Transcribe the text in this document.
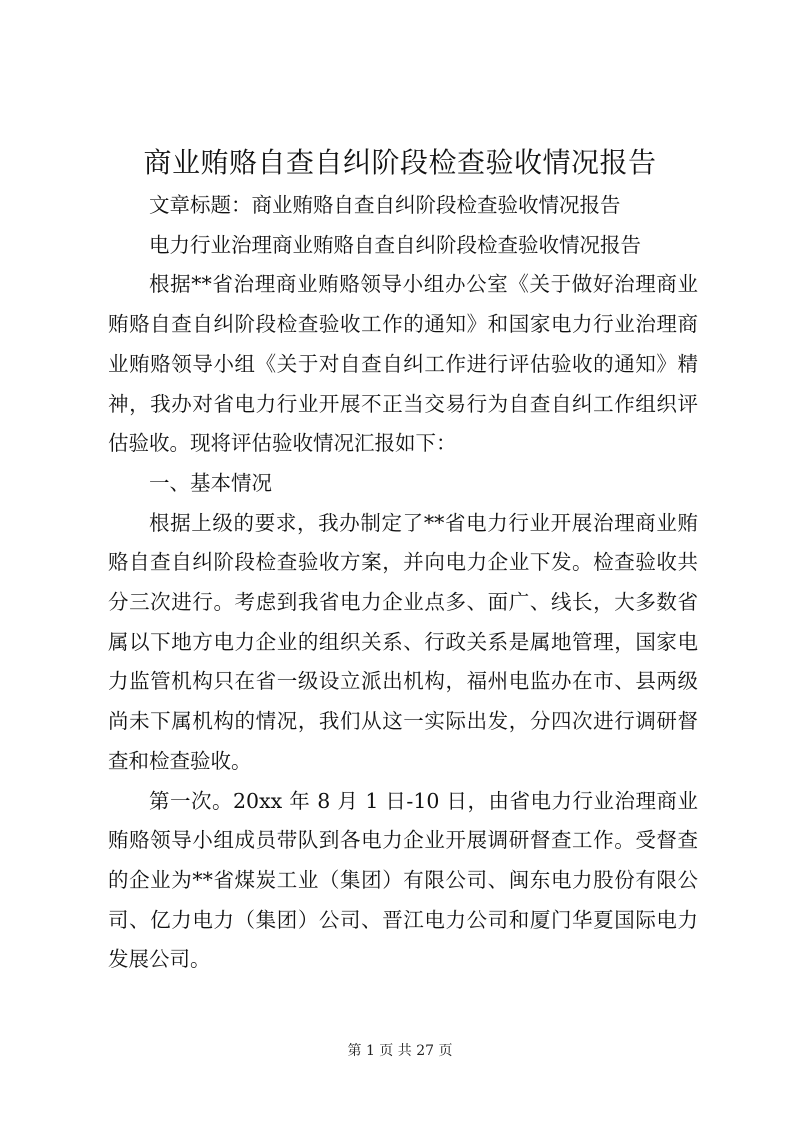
商业贿赂自查自纠阶段检查验收情况报告

文章标题：商业贿赂自查自纠阶段检查验收情况报告

电力行业治理商业贿赂自查自纠阶段检查验收情况报告

根据**省治理商业贿赂领导小组办公室《关于做好治理商业贿赂自查自纠阶段检查验收工作的通知》和国家电力行业治理商业贿赂领导小组《关于对自查自纠工作进行评估验收的通知》精神，我办对省电力行业开展不正当交易行为自查自纠工作组织评估验收。现将评估验收情况汇报如下：

一、基本情况

根据上级的要求，我办制定了**省电力行业开展治理商业贿赂自查自纠阶段检查验收方案，并向电力企业下发。检查验收共分三次进行。考虑到我省电力企业点多、面广、线长，大多数省属以下地方电力企业的组织关系、行政关系是属地管理，国家电力监管机构只在省一级设立派出机构，福州电监办在市、县两级尚未下属机构的情况，我们从这一实际出发，分四次进行调研督查和检查验收。

第一次。20xx 年 8 月 1 日-10 日，由省电力行业治理商业贿赂领导小组成员带队到各电力企业开展调研督查工作。受督查的企业为**省煤炭工业（集团）有限公司、闽东电力股份有限公司、亿力电力（集团）公司、晋江电力公司和厦门华夏国际电力发展公司。

第 1 页 共 27 页
